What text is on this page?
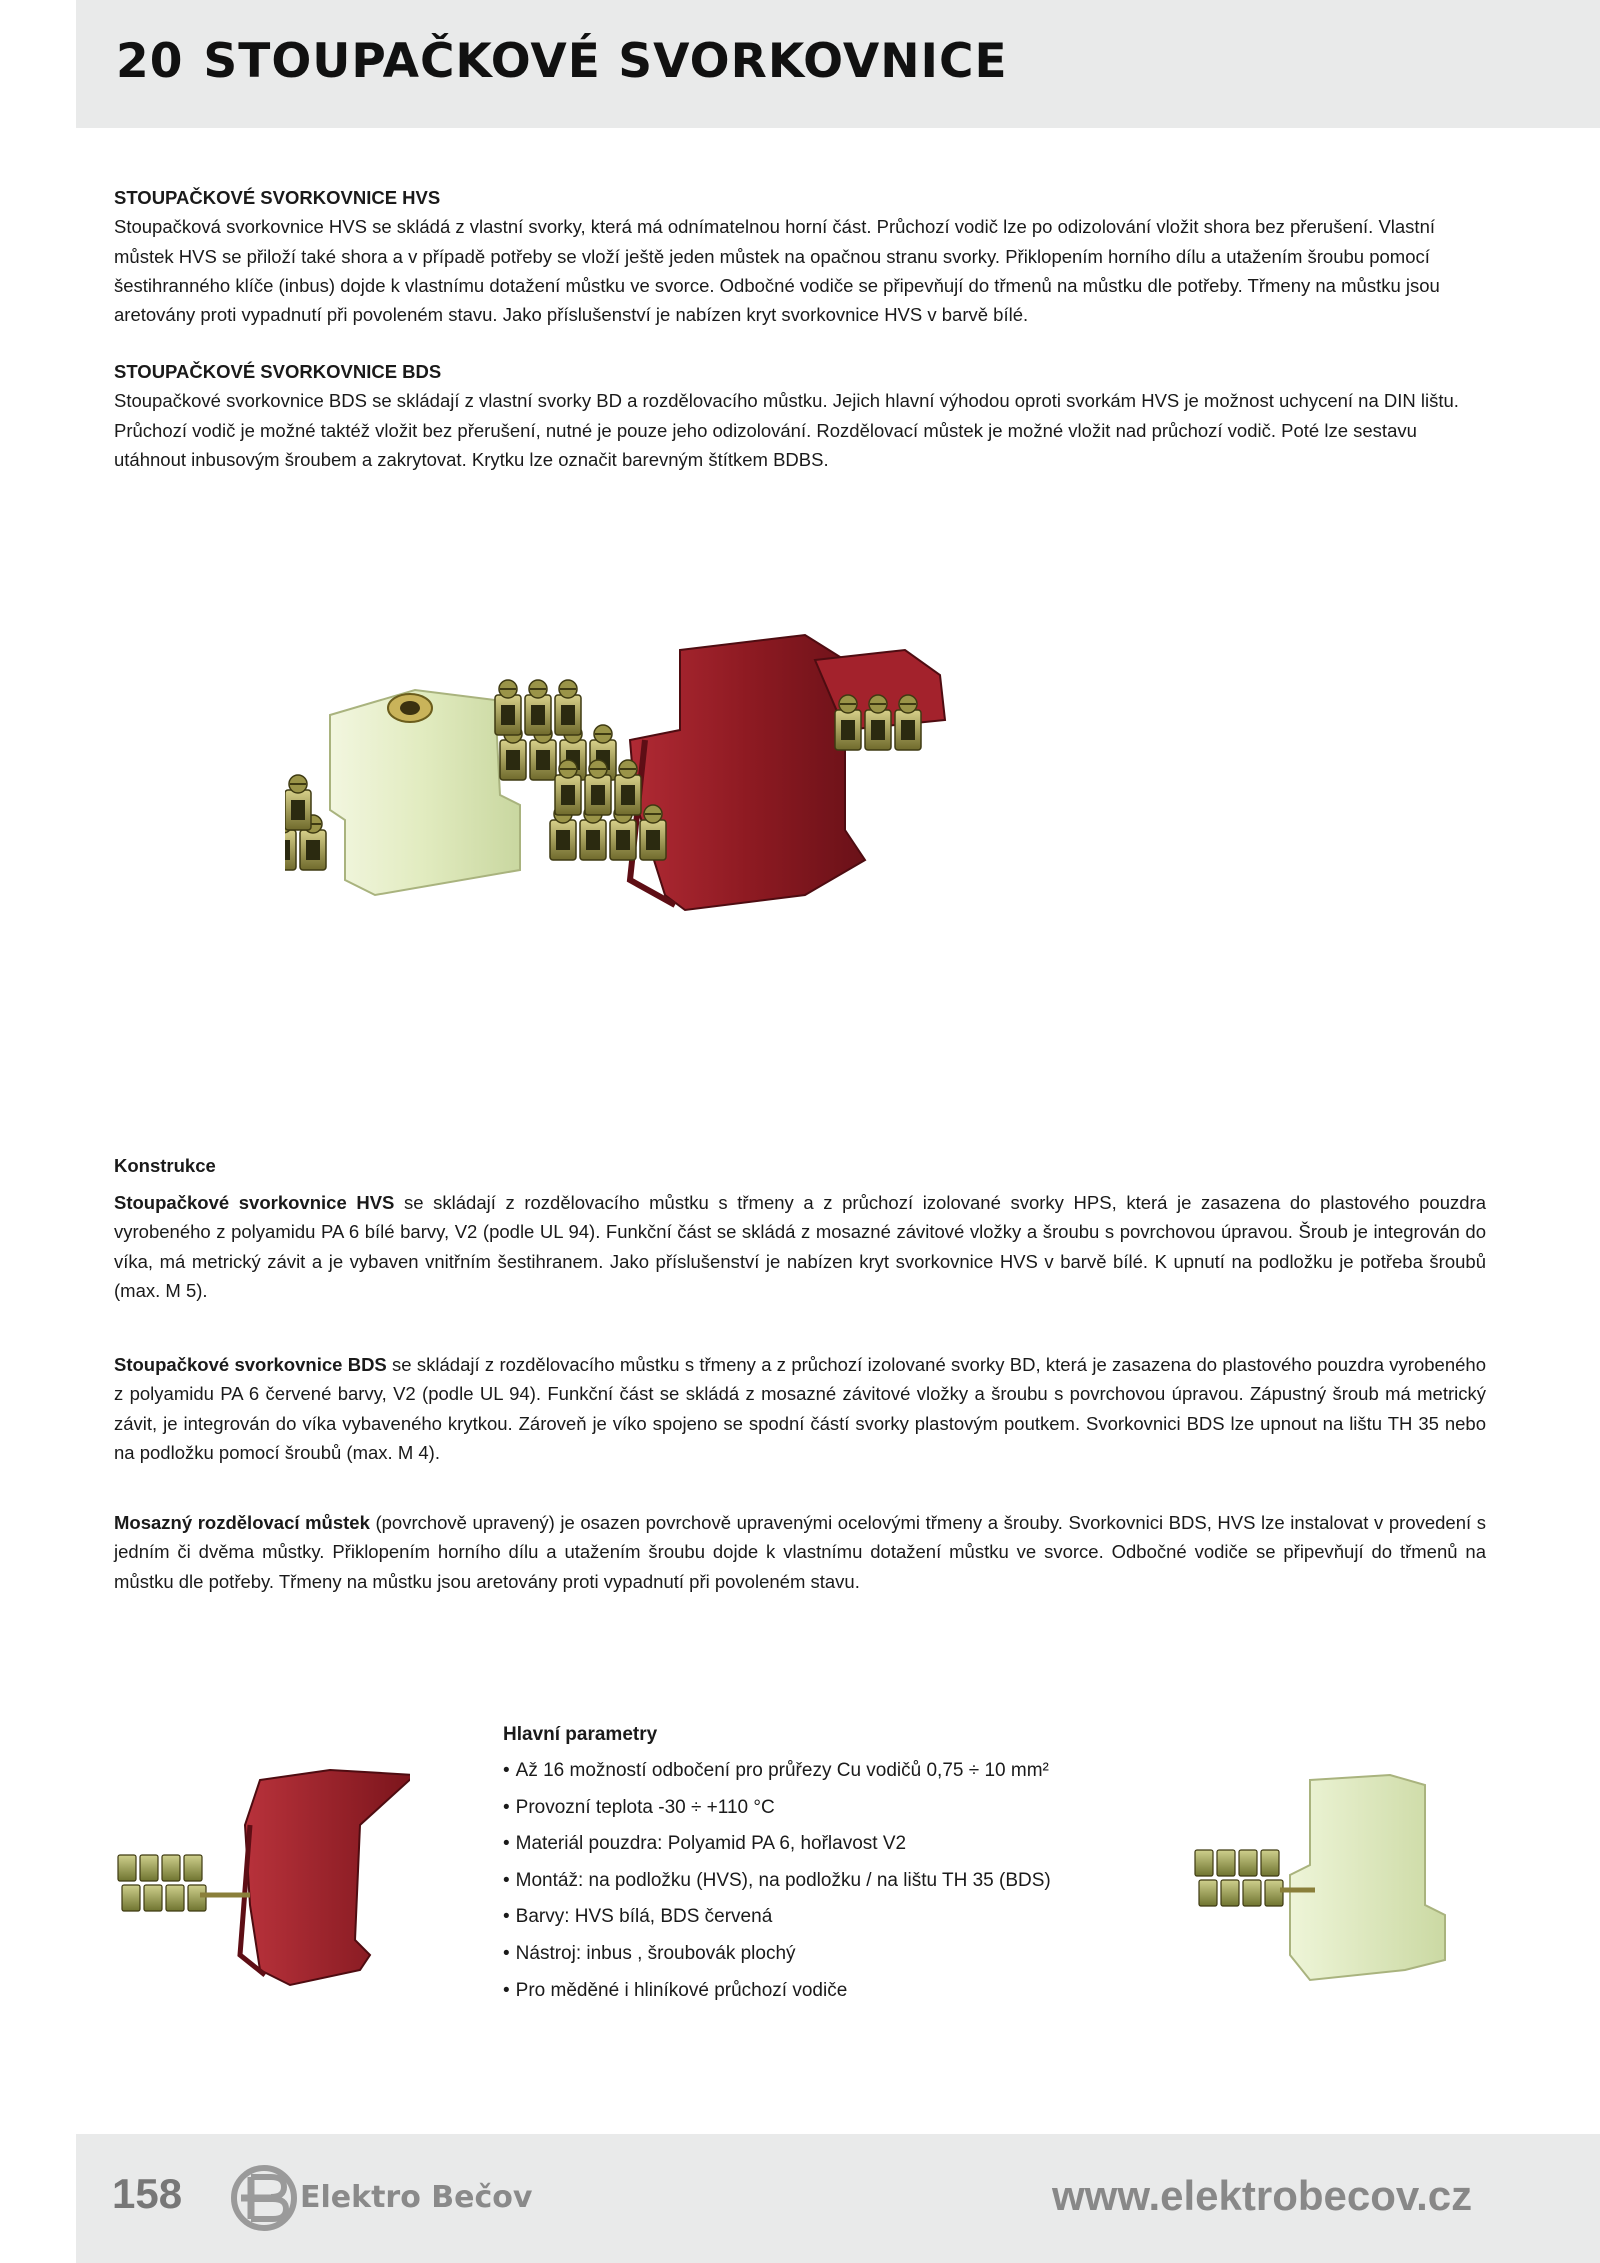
20 STOUPAČKOVÉ SVORKOVNICE
STOUPAČKOVÉ SVORKOVNICE HVS
Stoupačková svorkovnice HVS se skládá z vlastní svorky, která má odnímatelnou horní část. Průchozí vodič lze po odizolování vložit shora bez přerušení. Vlastní můstek HVS se přiloží také shora a v případě potřeby se vloží ještě jeden můstek na opačnou stranu svorky. Přiklopením horního dílu a utažením šroubu pomocí šestihranného klíče (inbus) dojde k vlastnímu dotažení můstku ve svorce. Odbočné vodiče se připevňují do třmenů na můstku dle potřeby. Třmeny na můstku jsou aretovány proti vypadnutí při povoleném stavu. Jako příslušenství je nabízen kryt svorkovnice HVS v barvě bílé.
STOUPAČKOVÉ SVORKOVNICE BDS
Stoupačkové svorkovnice BDS se skládají z vlastní svorky BD a rozdělovacího můstku. Jejich hlavní výhodou oproti svorkám HVS je možnost uchycení na DIN lištu. Průchozí vodič je možné taktéž vložit bez přerušení, nutné je pouze jeho odizolování. Rozdělovací můstek je možné vložit nad průchozí vodič. Poté lze sestavu utáhnout inbusovým šroubem a zakrytovat. Krytku lze označit barevným štítkem BDBS.
Konstrukce
Stoupačkové svorkovnice HVS se skládají z rozdělovacího můstku s třmeny a z průchozí izolované svorky HPS, která je zasazena do plastového pouzdra vyrobeného z polyamidu PA 6 bílé barvy, V2 (podle UL 94). Funkční část se skládá z mosazné závitové vložky a šroubu s povrchovou úpravou. Šroub je integrován do víka, má metrický závit a je vybaven vnitřním šestihranem. Jako příslušenství je nabízen kryt svorkovnice HVS v barvě bílé. K upnutí na podložku je potřeba šroubů (max. M 5).
Stoupačkové svorkovnice BDS se skládají z rozdělovacího můstku s třmeny a z průchozí izolované svorky BD, která je zasazena do plastového pouzdra vyrobeného z polyamidu PA 6 červené barvy, V2 (podle UL 94). Funkční část se skládá z mosazné závitové vložky a šroubu s povrchovou úpravou. Zápustný šroub má metrický závit, je integrován do víka vybaveného krytkou. Zároveň je víko spojeno se spodní částí svorky plastovým poutkem. Svorkovnici BDS lze upnout na lištu TH 35 nebo na podložku pomocí šroubů (max. M 4).
Mosazný rozdělovací můstek (povrchově upravený) je osazen povrchově upravenými ocelovými třmeny a šrouby. Svorkovnici BDS, HVS lze instalovat v provedení s jedním či dvěma můstky. Přiklopením horního dílu a utažením šroubu dojde k vlastnímu dotažení můstku ve svorce. Odbočné vodiče se připevňují do třmenů na můstku dle potřeby. Třmeny na můstku jsou aretovány proti vypadnutí při povoleném stavu.
Hlavní parametry
• Až 16 možností odbočení pro průřezy Cu vodičů 0,75 ÷ 10 mm²
• Provozní teplota -30 ÷ +110 °C
• Materiál pouzdra: Polyamid PA 6, hořlavost V2
• Montáž: na podložku (HVS), na podložku / na lištu TH 35 (BDS)
• Barvy: HVS bílá, BDS červená
• Nástroj: inbus , šroubovák plochý
• Pro měděné i hliníkové průchozí vodiče
158	Elektro Bečov	www.elektrobecov.cz
